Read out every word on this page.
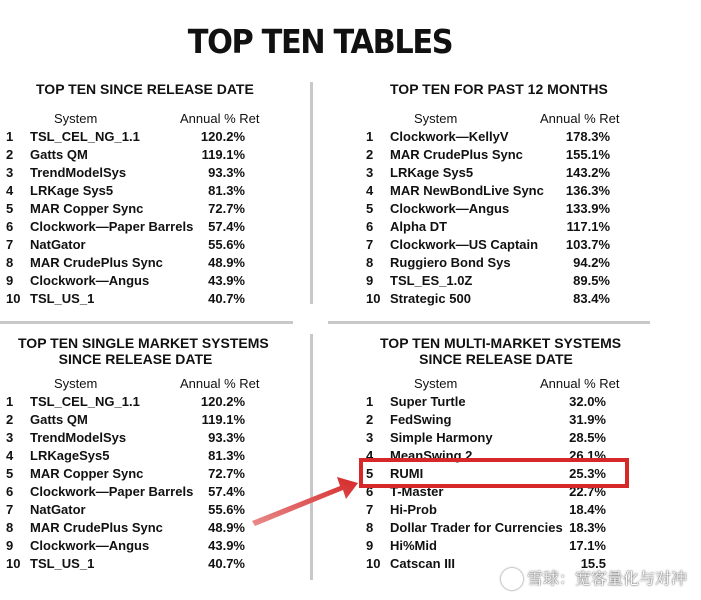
TOP TEN TABLES
TOP TEN SINCE RELEASE DATE
System	Annual % Ret
1	TSL_CEL_NG_1.1	120.2%
2	Gatts QM	119.1%
3	TrendModelSys	93.3%
4	LRKage Sys5	81.3%
5	MAR Copper Sync	72.7%
6	Clockwork—Paper Barrels 57.4%
7	NatGator	55.6%
8	MAR CrudePlus Sync	48.9%
9	Clockwork—Angus	43.9%
10 TSL_US_1	40.7%
TOP TEN FOR PAST 12 MONTHS
System	Annual % Ret
1	Clockwork—KellyV	178.3%
2	MAR CrudePlus Sync	155.1%
3	LRKage Sys5	143.2%
4	MAR NewBondLive Sync 136.3%
5	Clockwork—Angus	133.9%
6	Alpha DT	117.1%
7	Clockwork—US Captain 103.7%
8	Ruggiero Bond Sys	94.2%
9	TSL_ES_1.0Z	89.5%
10 Strategic 500	83.4%
TOP TEN SINGLE MARKET SYSTEMS
SINCE RELEASE DATE
System	Annual % Ret
1	TSL_CEL_NG_1.1	120.2%
2	Gatts QM	119.1%
3	TrendModelSys	93.3%
4	LRKageSys5	81.3%
5	MAR Copper Sync	72.7%
6	Clockwork—Paper Barrels 57.4%
7	NatGator	55.6%
8	MAR CrudePlus Sync	48.9%
9	Clockwork—Angus	43.9%
10 TSL_US_1	40.7%
TOP TEN MULTI-MARKET SYSTEMS
SINCE RELEASE DATE
System	Annual % Ret
1	Super Turtle	32.0%
2	FedSwing	31.9%
3	Simple Harmony	28.5%
4	MeanSwing 2	26.1%
5	RUMI	25.3%
6	T-Master	22.7%
7	Hi-Prob	18.4%
8	Dollar Trader for Currencies 18.3%
9	Hi%Mid	17.1%
10 Catscan III	15.5
雪球：宽客量化与对冲
